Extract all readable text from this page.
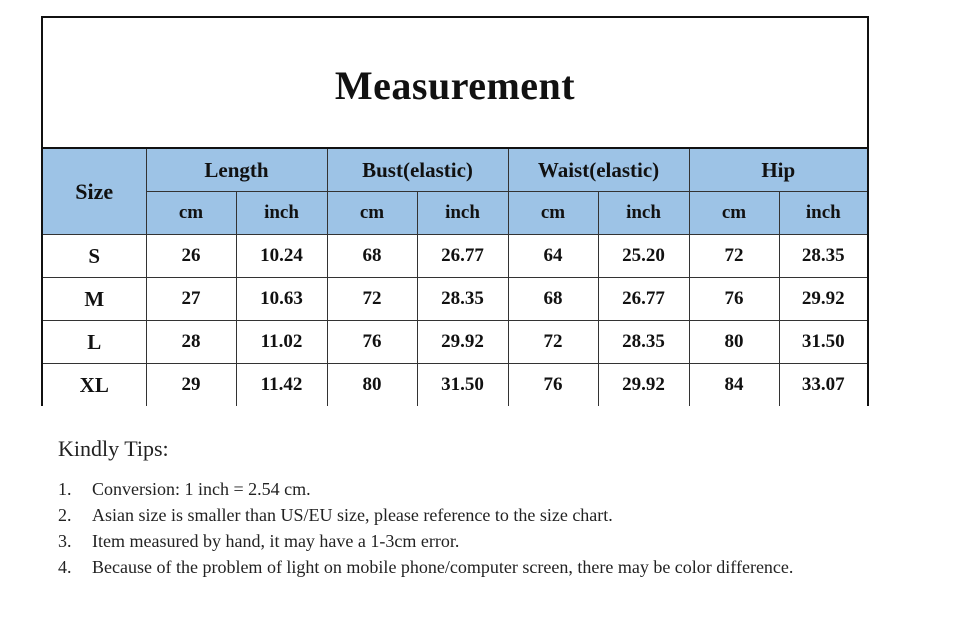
Measurement
Size	Length		Bust(elastic)		Waist(elastic)		Hip	
	cm	inch	cm	inch	cm	inch	cm	inch
S	26	10.24	68	26.77	64	25.20	72	28.35
M	27	10.63	72	28.35	68	26.77	76	29.92
L	28	11.02	76	29.92	72	28.35	80	31.50
XL	29	11.42	80	31.50	76	29.92	84	33.07
Kindly Tips:
1.	Conversion: 1 inch = 2.54 cm.
2.	Asian size is smaller than US/EU size, please reference to the size chart.
3.	Item measured by hand, it may have a 1-3cm error.
4.	Because of the problem of light on mobile phone/computer screen, there may be color difference.
